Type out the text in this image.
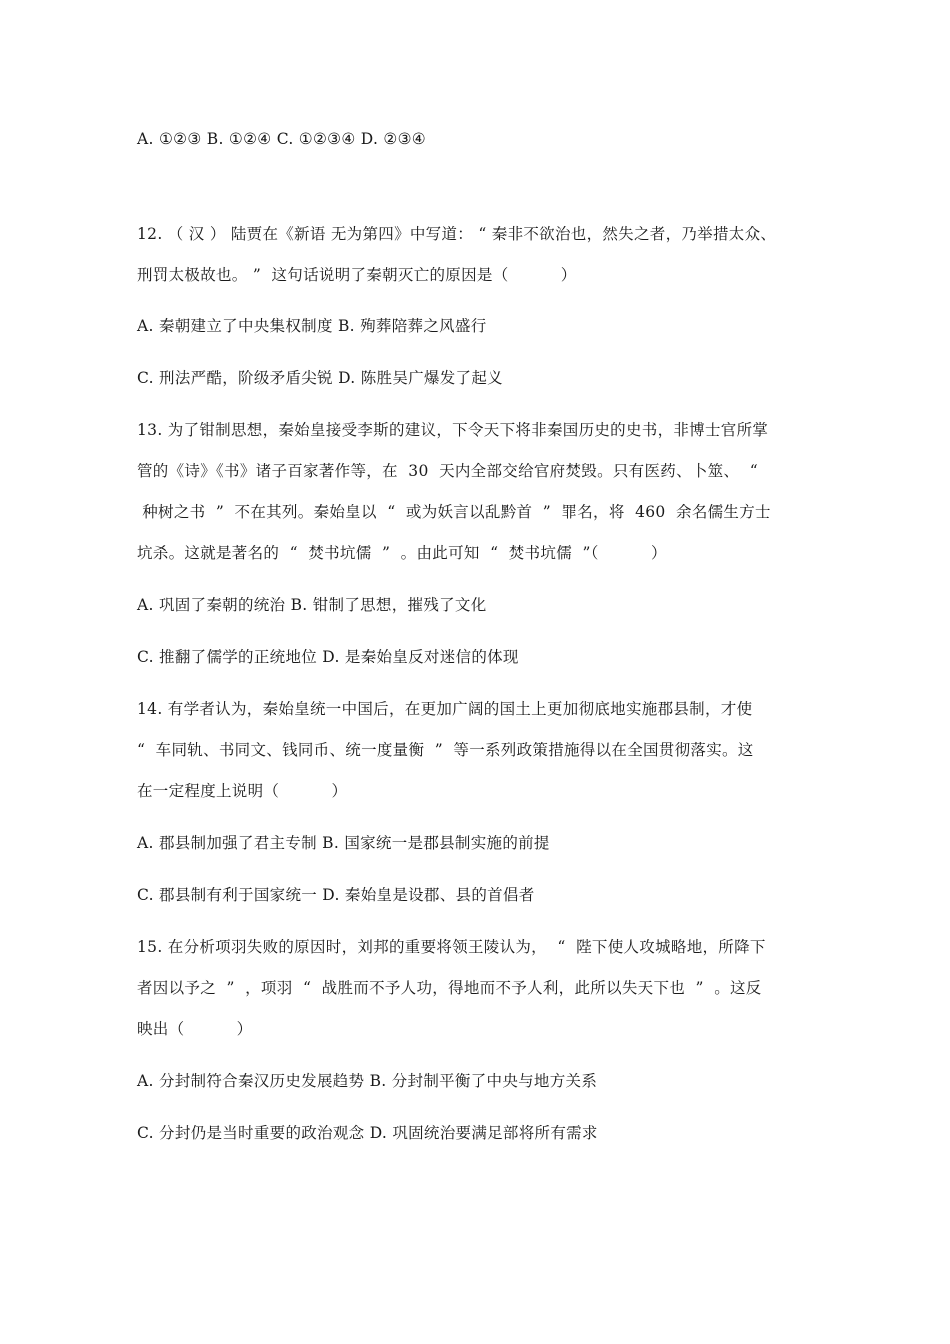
A. ①②③ B. ①②④ C. ①②③④ D. ②③④
12. （ 汉 ） 陆贾在《新语 无为第四》中写道： “ 秦非不欲治也，然失之者，乃举措太众、
刑罚太极故也。 ”  这句话说明了秦朝灭亡的原因是（          ）
A. 秦朝建立了中央集权制度 B. 殉葬陪葬之风盛行
C. 刑法严酷，阶级矛盾尖锐 D. 陈胜吴广爆发了起义
13. 为了钳制思想，秦始皇接受李斯的建议，下令天下将非秦国历史的史书，非博士官所掌
管的《诗》《书》诸子百家著作等，在  30  天内全部交给官府焚毁。只有医药、卜筮、  “
种树之书  ”  不在其列。秦始皇以  “  或为妖言以乱黔首  ”  罪名，将  460  余名儒生方士
坑杀。这就是著名的  “  焚书坑儒  ”  。由此可知  “  焚书坑儒  ”（          ）
A. 巩固了秦朝的统治 B. 钳制了思想，摧残了文化
C. 推翻了儒学的正统地位 D. 是秦始皇反对迷信的体现
14. 有学者认为，秦始皇统一中国后，在更加广阔的国土上更加彻底地实施郡县制，才使
“  车同轨、书同文、钱同币、统一度量衡  ”  等一系列政策措施得以在全国贯彻落实。这
在一定程度上说明（          ）
A. 郡县制加强了君主专制 B. 国家统一是郡县制实施的前提
C. 郡县制有利于国家统一 D. 秦始皇是设郡、县的首倡者
15. 在分析项羽失败的原因时，刘邦的重要将领王陵认为，  “  陛下使人攻城略地，所降下
者因以予之  ”  ，项羽  “  战胜而不予人功，得地而不予人利，此所以失天下也  ”  。这反
映出（          ）
A. 分封制符合秦汉历史发展趋势 B. 分封制平衡了中央与地方关系
C. 分封仍是当时重要的政治观念 D. 巩固统治要满足部将所有需求
